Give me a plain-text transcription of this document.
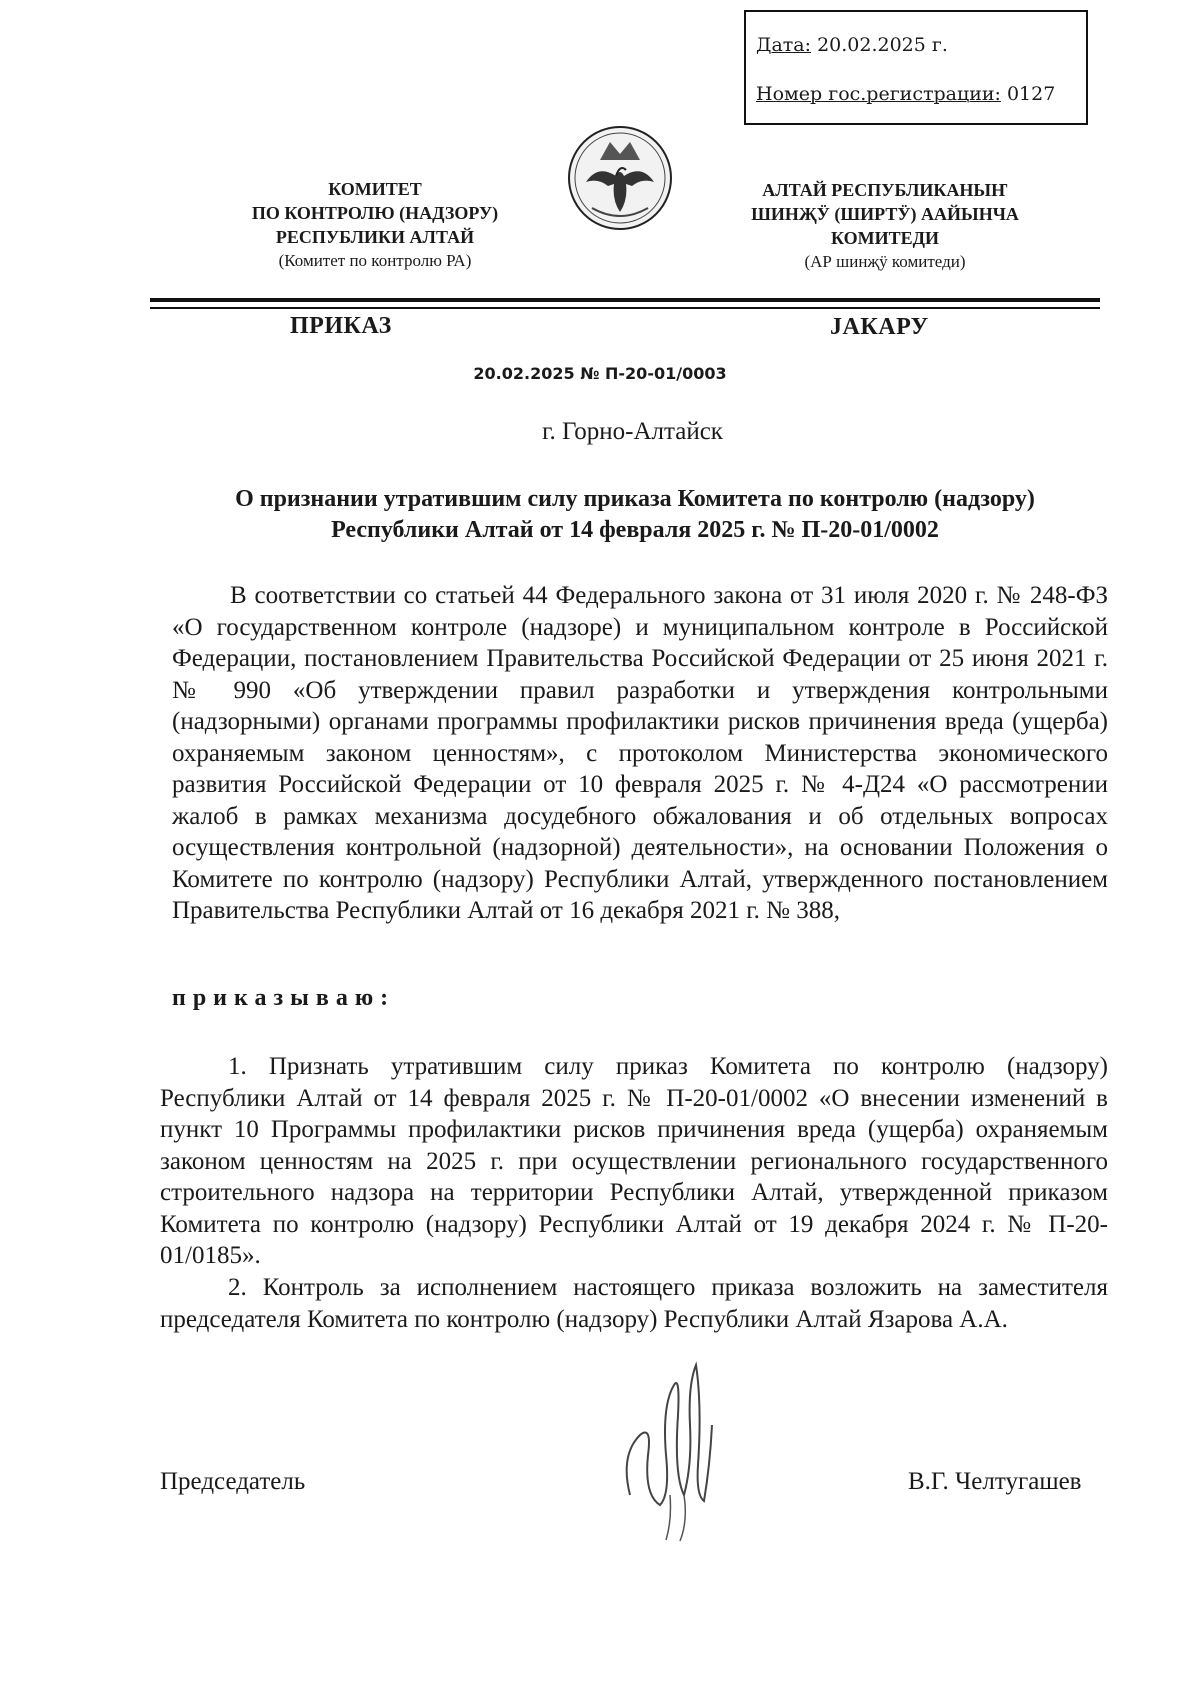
Дата: 20.02.2025 г.
Номер гос.регистрации: 0127
КОМИТЕТ
ПО КОНТРОЛЮ (НАДЗОРУ)
РЕСПУБЛИКИ АЛТАЙ
(Комитет по контролю РА)
АЛТАЙ РЕСПУБЛИКАНЫҤ
ШИНҖӰ (ШИРТӰ) ААЙЫНЧА
КОМИТЕДИ
(АР шинҗӱ комитеди)
ПРИКАЗ	JАКАРУ
20.02.2025 № П-20-01/0003
г. Горно-Алтайск
О признании утратившим силу приказа Комитета по контролю (надзору)
Республики Алтай от 14 февраля 2025 г. № П-20-01/0002
В соответствии со статьей 44 Федерального закона от 31 июля 2020 г. № 248-ФЗ «О государственном контроле (надзоре) и муниципальном контроле в Российской Федерации, постановлением Правительства Российской Федерации от 25 июня 2021 г. № 990 «Об утверждении правил разработки и утверждения контрольными (надзорными) органами программы профилактики рисков причинения вреда (ущерба) охраняемым законом ценностям», с протоколом Министерства экономического развития Российской Федерации от 10 февраля 2025 г. № 4-Д24 «О рассмотрении жалоб в рамках механизма досудебного обжалования и об отдельных вопросах осуществления контрольной (надзорной) деятельности», на основании Положения о Комитете по контролю (надзору) Республики Алтай, утвержденного постановлением Правительства Республики Алтай от 16 декабря 2021 г. № 388,
приказываю:
1. Признать утратившим силу приказ Комитета по контролю (надзору) Республики Алтай от 14 февраля 2025 г. № П-20-01/0002 «О внесении изменений в пункт 10 Программы профилактики рисков причинения вреда (ущерба) охраняемым законом ценностям на 2025 г. при осуществлении регионального государственного строительного надзора на территории Республики Алтай, утвержденной приказом Комитета по контролю (надзору) Республики Алтай от 19 декабря 2024 г. № П-20-01/0185».
2. Контроль за исполнением настоящего приказа возложить на заместителя председателя Комитета по контролю (надзору) Республики Алтай Язарова А.А.
Председатель	В.Г. Челтугашев
